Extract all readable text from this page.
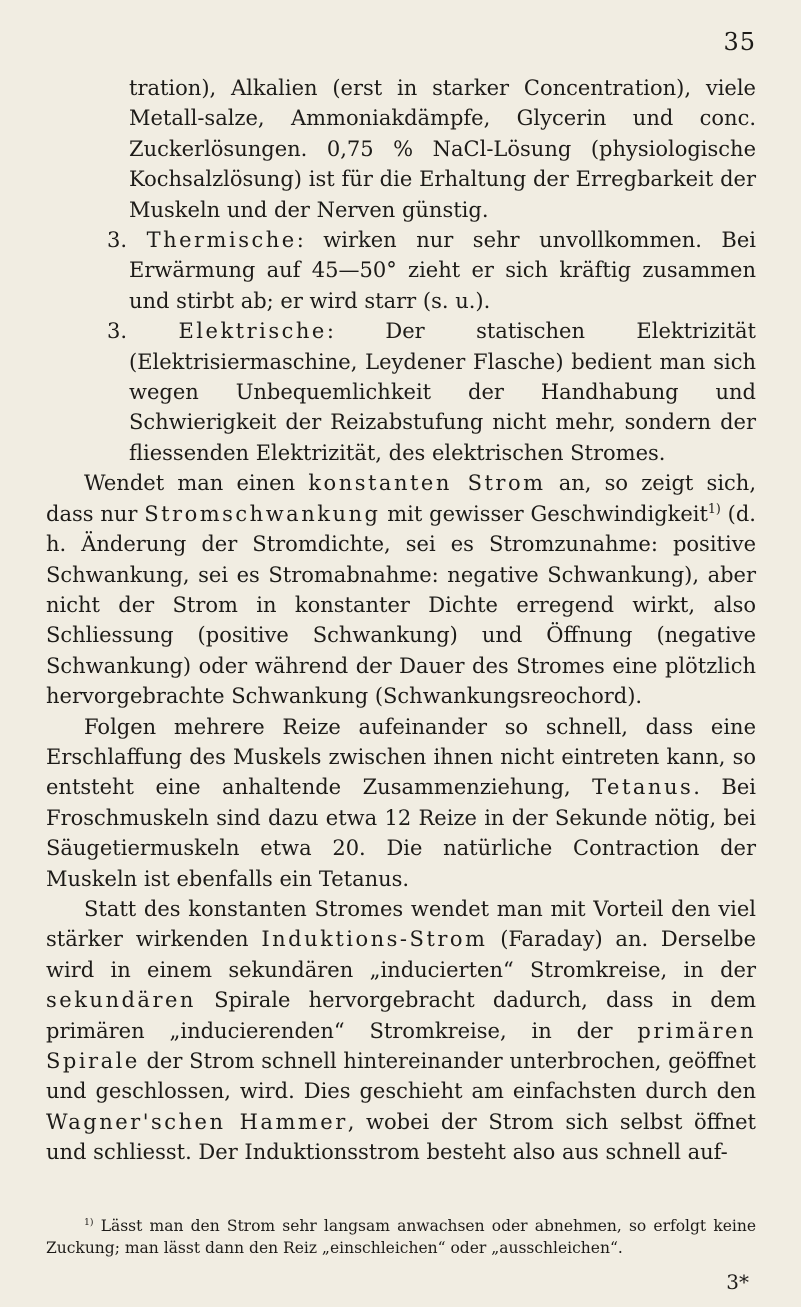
35

tration), Alkalien (erst in starker Concentration), viele Metall-salze, Ammoniakdämpfe, Glycerin und conc. Zuckerlösungen. 0,75 % NaCl-Lösung (physiologische Kochsalzlösung) ist für die Erhaltung der Erregbarkeit der Muskeln und der Nerven günstig.

3. Thermische: wirken nur sehr unvollkommen. Bei Erwärmung auf 45—50° zieht er sich kräftig zusammen und stirbt ab; er wird starr (s. u.).

3. Elektrische: Der statischen Elektrizität (Elektrisiermaschine, Leydener Flasche) bedient man sich wegen Unbequemlichkeit der Handhabung und Schwierigkeit der Reizabstufung nicht mehr, sondern der fliessenden Elektrizität, des elektrischen Stromes.

Wendet man einen konstanten Strom an, so zeigt sich, dass nur Stromschwankung mit gewisser Geschwindigkeit$^{1)}$ (d. h. Änderung der Stromdichte, sei es Stromzunahme: positive Schwankung, sei es Stromabnahme: negative Schwankung), aber nicht der Strom in konstanter Dichte erregend wirkt, also Schliessung (positive Schwankung) und Öffnung (negative Schwankung) oder während der Dauer des Stromes eine plötzlich hervorgebrachte Schwankung (Schwankungsreochord).

Folgen mehrere Reize aufeinander so schnell, dass eine Erschlaffung des Muskels zwischen ihnen nicht eintreten kann, so entsteht eine anhaltende Zusammenziehung, Tetanus. Bei Froschmuskeln sind dazu etwa 12 Reize in der Sekunde nötig, bei Säugetiermuskeln etwa 20. Die natürliche Contraction der Muskeln ist ebenfalls ein Tetanus.

Statt des konstanten Stromes wendet man mit Vorteil den viel stärker wirkenden Induktions-Strom (Faraday) an. Derselbe wird in einem sekundären „inducierten“ Stromkreise, in der sekundären Spirale hervorgebracht dadurch, dass in dem primären „inducierenden“ Stromkreise, in der primären Spirale der Strom schnell hintereinander unterbrochen, geöffnet und geschlossen, wird. Dies geschieht am einfachsten durch den Wagner'schen Hammer, wobei der Strom sich selbst öffnet und schliesst. Der Induktionsstrom besteht also aus schnell auf-

$^{1)}$ Lässt man den Strom sehr langsam anwachsen oder abnehmen, so erfolgt keine Zuckung; man lässt dann den Reiz „einschleichen“ oder „ausschleichen“.

3*
